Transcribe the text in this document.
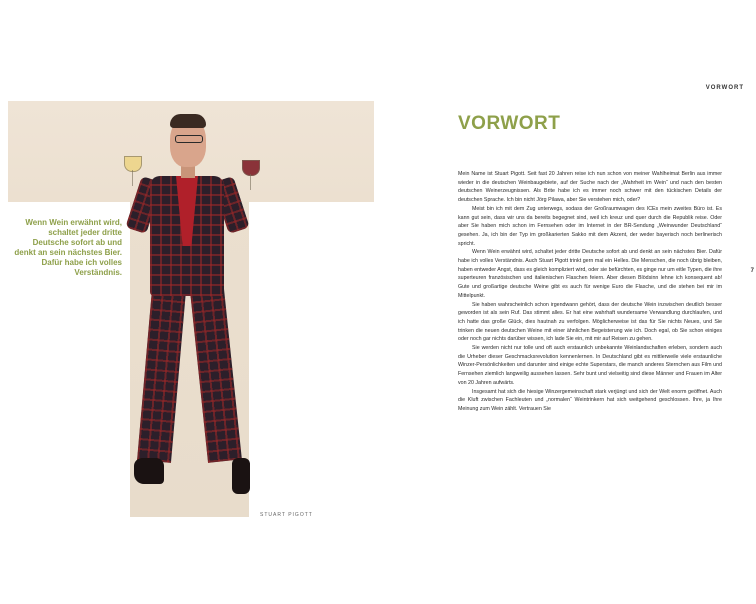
VORWORT
7
STUART PIGOTT
Wenn Wein erwähnt wird, schaltet jeder dritte Deutsche sofort ab und denkt an sein nächstes Bier. Dafür habe ich volles Verständnis.
VORWORT

Mein Name ist Stuart Pigott. Seit fast 20 Jahren reise ich nun schon von meiner Wahlheimat Berlin aus immer wieder in die deutschen Weinbaugebiete, auf der Suche nach der „Wahrheit im Wein“ und nach den besten deutschen Weinerzeugnissen. Als Brite habe ich es immer noch schwer mit den tückischen Details der deutschen Sprache. Ich bin nicht Jörg Pilawa, aber Sie verstehen mich, oder?

Meist bin ich mit dem Zug unterwegs, sodass der Großraumwagen des ICEs mein zweites Büro ist. Es kann gut sein, dass wir uns da bereits begegnet sind, weil ich kreuz und quer durch die Republik reise. Oder aber Sie haben mich schon im Fernsehen oder im Internet in der BR-Sendung „Weinwunder Deutschland“ gesehen. Ja, ich bin der Typ im großkarierten Sakko mit dem Akzent, der weder bayerisch noch berlinerisch spricht.

Wenn Wein erwähnt wird, schaltet jeder dritte Deutsche sofort ab und denkt an sein nächstes Bier. Dafür habe ich volles Verständnis. Auch Stuart Pigott trinkt gern mal ein Helles. Die Menschen, die noch übrig bleiben, haben entweder Angst, dass es gleich kompliziert wird, oder sie befürchten, es ginge nur um eitle Typen, die ihre superteuren französischen und italienischen Flaschen feiern. Aber diesen Blödsinn lehne ich konsequent ab! Gute und großartige deutsche Weine gibt es auch für wenige Euro die Flasche, und die stehen bei mir im Mittelpunkt.

Sie haben wahrscheinlich schon irgendwann gehört, dass der deutsche Wein inzwischen deutlich besser geworden ist als sein Ruf. Das stimmt alles. Er hat eine wahrhaft wundersame Verwandlung durchlaufen, und ich hatte das große Glück, dies hautnah zu verfolgen. Möglicherweise ist das für Sie nichts Neues, und Sie trinken die neuen deutschen Weine mit einer ähnlichen Begeisterung wie ich. Doch egal, ob Sie schon einiges oder noch gar nichts darüber wissen, ich lade Sie ein, mit mir auf Reisen zu gehen.

Sie werden nicht nur tolle und oft auch erstaunlich unbekannte Weinlandschaften erleben, sondern auch die Urheber dieser Geschmacksrevolution kennenlernen. In Deutschland gibt es mittlerweile viele erstaunliche Winzer-Persönlichkeiten und darunter sind einige echte Superstars, die manch anderes Sternchen aus Film und Fernsehen ziemlich langweilig aussehen lassen. Sehr bunt und vielseitig sind diese Männer und Frauen im Alter von 20 Jahren aufwärts.

Insgesamt hat sich die hiesige Winzergemeinschaft stark verjüngt und sich der Welt enorm geöffnet. Auch die Kluft zwischen Fachleuten und „normalen“ Weintrinkern hat sich weitgehend geschlossen. Ihre, ja Ihre Meinung zum Wein zählt. Vertrauen Sie
